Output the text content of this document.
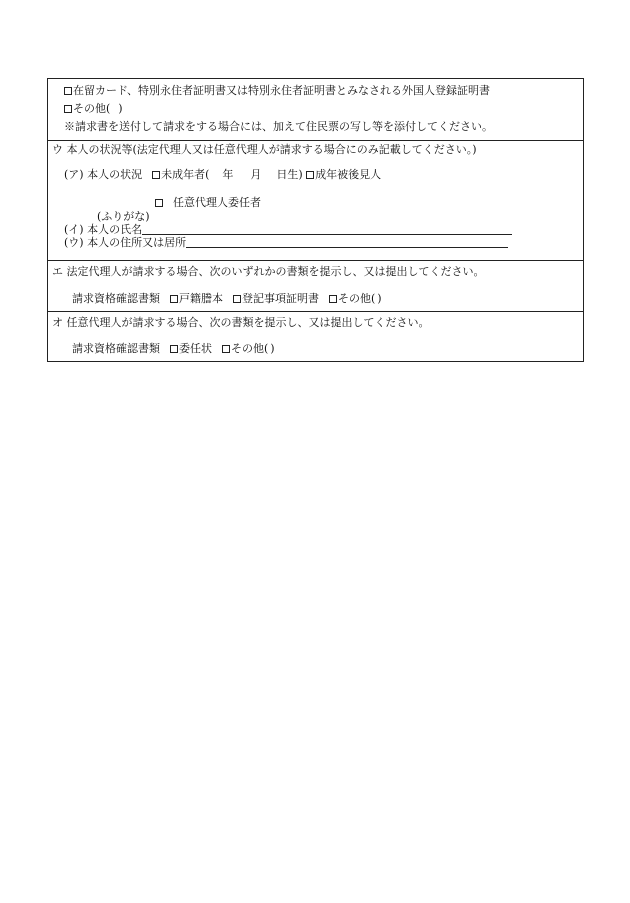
在留カード、特別永住者証明書又は特別永住者証明書とみなされる外国人登録証明書
その他( )
※請求書を送付して請求をする場合には、加えて住民票の写し等を添付してください。
ウ 本人の状況等(法定代理人又は任意代理人が請求する場合にのみ記載してください。)
(ア) 本人の状況 未成年者( 年 月 日生) 成年被後見人
任意代理人委任者
(ふりがな)
(イ) 本人の氏名
(ウ) 本人の住所又は居所
エ 法定代理人が請求する場合、次のいずれかの書類を提示し、又は提出してください。
請求資格確認書類 戸籍謄本 登記事項証明書 その他( )
オ 任意代理人が請求する場合、次の書類を提示し、又は提出してください。
請求資格確認書類 委任状 その他( )
